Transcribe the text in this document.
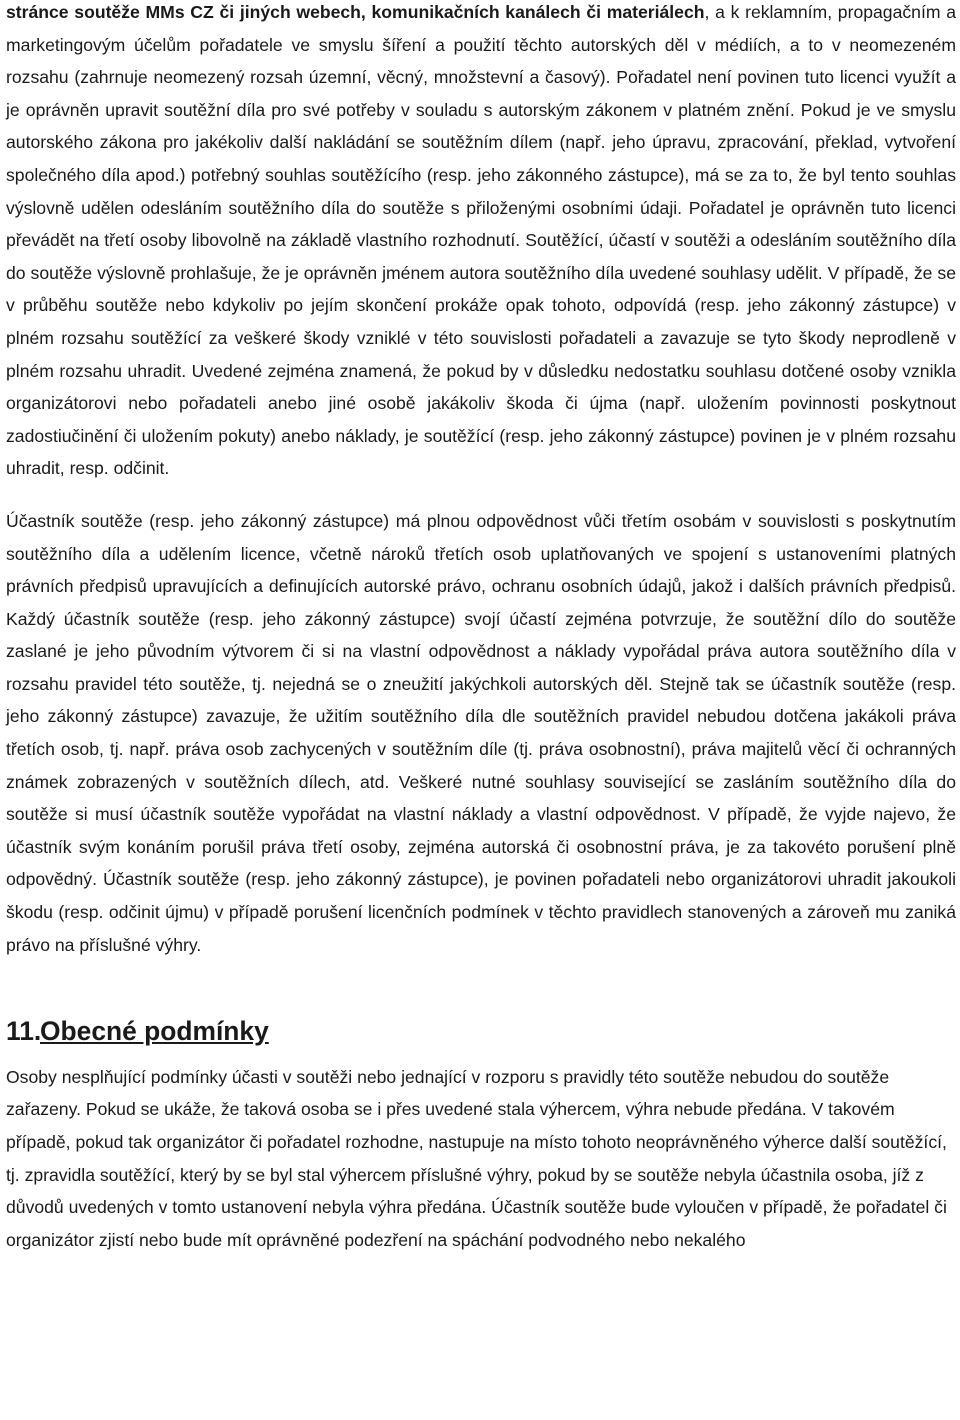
stránce soutěže MMs CZ či jiných webech, komunikačních kanálech či materiálech, a k reklamním, propagačním a marketingovým účelům pořadatele ve smyslu šíření a použití těchto autorských děl v médiích, a to v neomezeném rozsahu (zahrnuje neomezený rozsah územní, věcný, množstevní a časový). Pořadatel není povinen tuto licenci využít a je oprávněn upravit soutěžní díla pro své potřeby v souladu s autorským zákonem v platném znění. Pokud je ve smyslu autorského zákona pro jakékoliv další nakládání se soutěžním dílem (např. jeho úpravu, zpracování, překlad, vytvoření společného díla apod.) potřebný souhlas soutěžícího (resp. jeho zákonného zástupce), má se za to, že byl tento souhlas výslovně udělen odesláním soutěžního díla do soutěže s přiloženými osobními údaji. Pořadatel je oprávněn tuto licenci převádět na třetí osoby libovolně na základě vlastního rozhodnutí. Soutěžící, účastí v soutěži a odesláním soutěžního díla do soutěže výslovně prohlašuje, že je oprávněn jménem autora soutěžního díla uvedené souhlasy udělit. V případě, že se v průběhu soutěže nebo kdykoliv po jejím skončení prokáže opak tohoto, odpovídá (resp. jeho zákonný zástupce) v plném rozsahu soutěžící za veškeré škody vzniklé v této souvislosti pořadateli a zavazuje se tyto škody neprodleně v plném rozsahu uhradit. Uvedené zejména znamená, že pokud by v důsledku nedostatku souhlasu dotčené osoby vznikla organizátorovi nebo pořadateli anebo jiné osobě jakákoliv škoda či újma (např. uložením povinnosti poskytnout zadostiučinění či uložením pokuty) anebo náklady, je soutěžící (resp. jeho zákonný zástupce) povinen je v plném rozsahu uhradit, resp. odčinit.

Účastník soutěže (resp. jeho zákonný zástupce) má plnou odpovědnost vůči třetím osobám v souvislosti s poskytnutím soutěžního díla a udělením licence, včetně nároků třetích osob uplatňovaných ve spojení s ustanoveními platných právních předpisů upravujících a definujících autorské právo, ochranu osobních údajů, jakož i dalších právních předpisů. Každý účastník soutěže (resp. jeho zákonný zástupce) svojí účastí zejména potvrzuje, že soutěžní dílo do soutěže zaslané je jeho původním výtvorem či si na vlastní odpovědnost a náklady vypořádal práva autora soutěžního díla v rozsahu pravidel této soutěže, tj. nejedná se o zneužití jakýchkoli autorských děl. Stejně tak se účastník soutěže (resp. jeho zákonný zástupce) zavazuje, že užitím soutěžního díla dle soutěžních pravidel nebudou dotčena jakákoli práva třetích osob, tj. např. práva osob zachycených v soutěžním díle (tj. práva osobnostní), práva majitelů věcí či ochranných známek zobrazených v soutěžních dílech, atd. Veškeré nutné souhlasy související se zasláním soutěžního díla do soutěže si musí účastník soutěže vypořádat na vlastní náklady a vlastní odpovědnost. V případě, že vyjde najevo, že účastník svým konáním porušil práva třetí osoby, zejména autorská či osobnostní práva, je za takovéto porušení plně odpovědný. Účastník soutěže (resp. jeho zákonný zástupce), je povinen pořadateli nebo organizátorovi uhradit jakoukoli škodu (resp. odčinit újmu) v případě porušení licenčních podmínek v těchto pravidlech stanovených a zároveň mu zaniká právo na příslušné výhry.

11.Obecné podmínky

Osoby nesplňující podmínky účasti v soutěži nebo jednající v rozporu s pravidly této soutěže nebudou do soutěže zařazeny. Pokud se ukáže, že taková osoba se i přes uvedené stala výhercem, výhra nebude předána. V takovém případě, pokud tak organizátor či pořadatel rozhodne, nastupuje na místo tohoto neoprávněného výherce další soutěžící, tj. zpravidla soutěžící, který by se byl stal výhercem příslušné výhry, pokud by se soutěže nebyla účastnila osoba, jíž z důvodů uvedených v tomto ustanovení nebyla výhra předána. Účastník soutěže bude vyloučen v případě, že pořadatel či organizátor zjistí nebo bude mít oprávněné podezření na spáchání podvodného nebo nekalého
